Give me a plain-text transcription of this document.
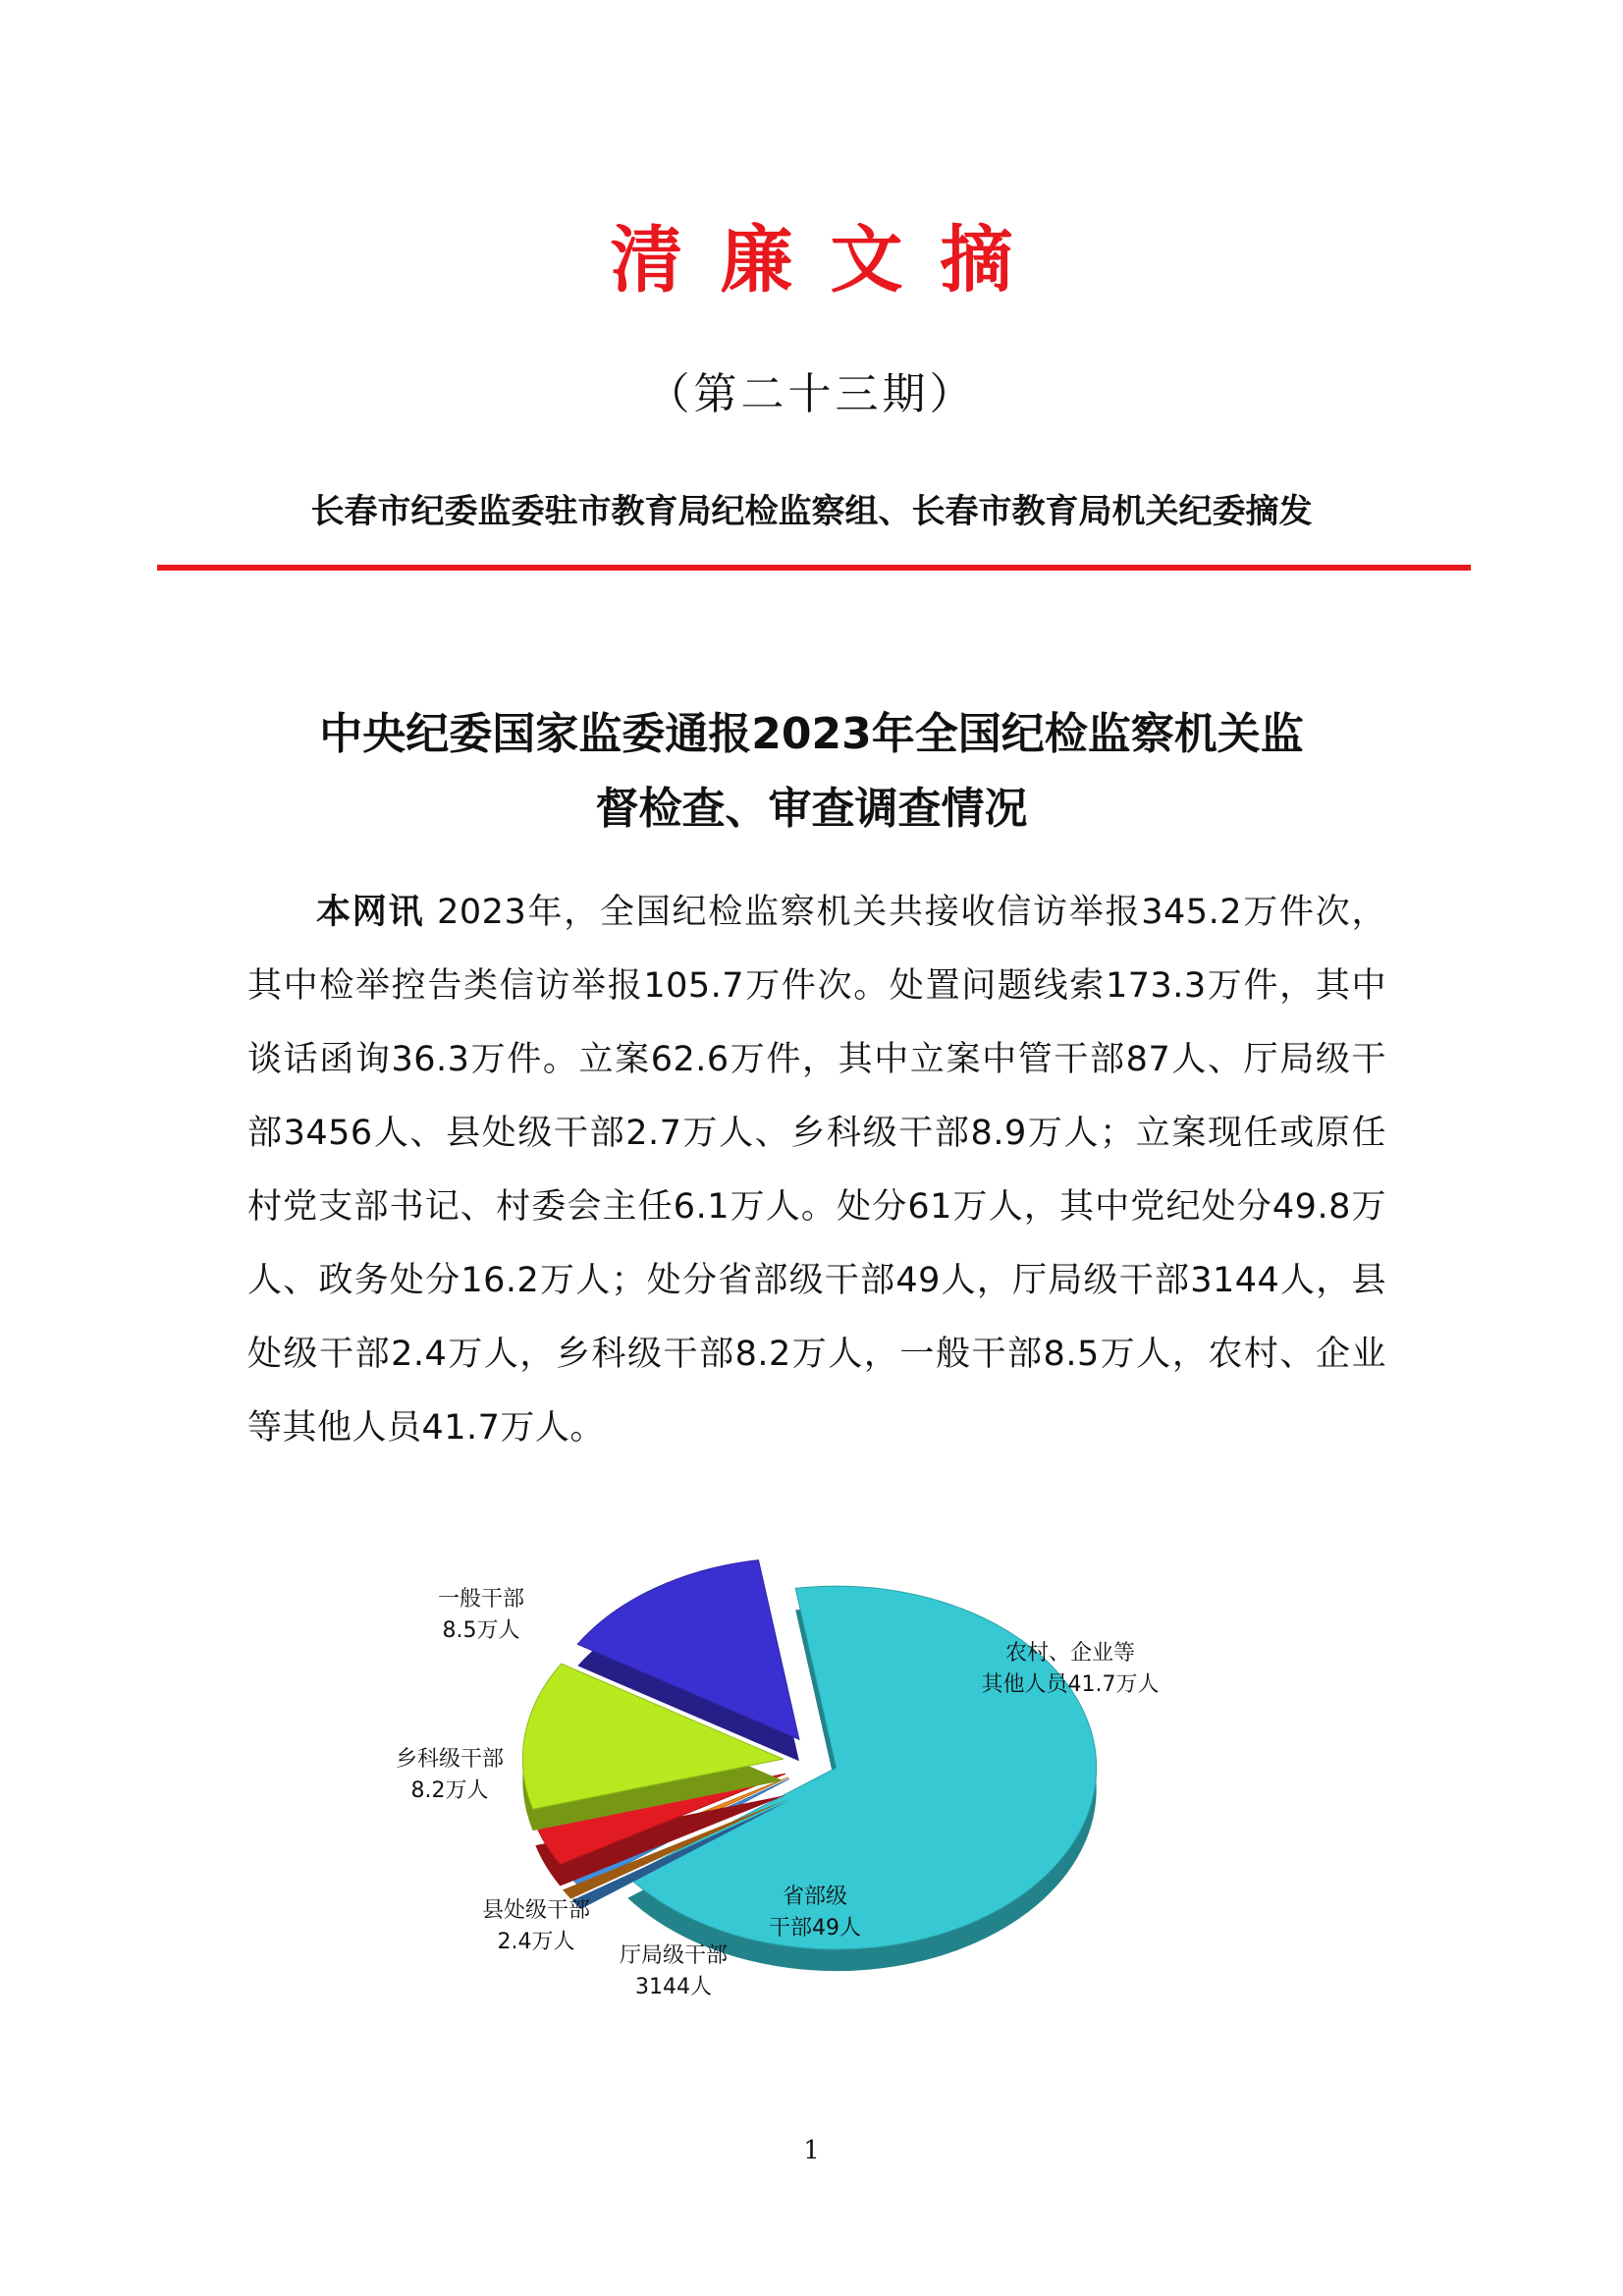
清廉文摘
（第二十三期）
长春市纪委监委驻市教育局纪检监察组、长春市教育局机关纪委摘发
中央纪委国家监委通报2023年全国纪检监察机关监
督检查、审查调查情况
本网讯 2023年，全国纪检监察机关共接收信访举报345.2万件次，其中检举控告类信访举报105.7万件次。处置问题线索173.3万件，其中谈话函询36.3万件。立案62.6万件，其中立案中管干部87人、厅局级干部3456人、县处级干部2.7万人、乡科级干部8.9万人；立案现任或原任村党支部书记、村委会主任6.1万人。处分61万人，其中党纪处分49.8万人、政务处分16.2万人；处分省部级干部49人，厅局级干部3144人，县处级干部2.4万人，乡科级干部8.2万人，一般干部8.5万人，农村、企业等其他人员41.7万人。
农村、企业等
其他人员41.7万人
省部级
干部49人
厅局级干部
3144人
县处级干部
2.4万人
乡科级干部
8.2万人
一般干部
8.5万人
1
